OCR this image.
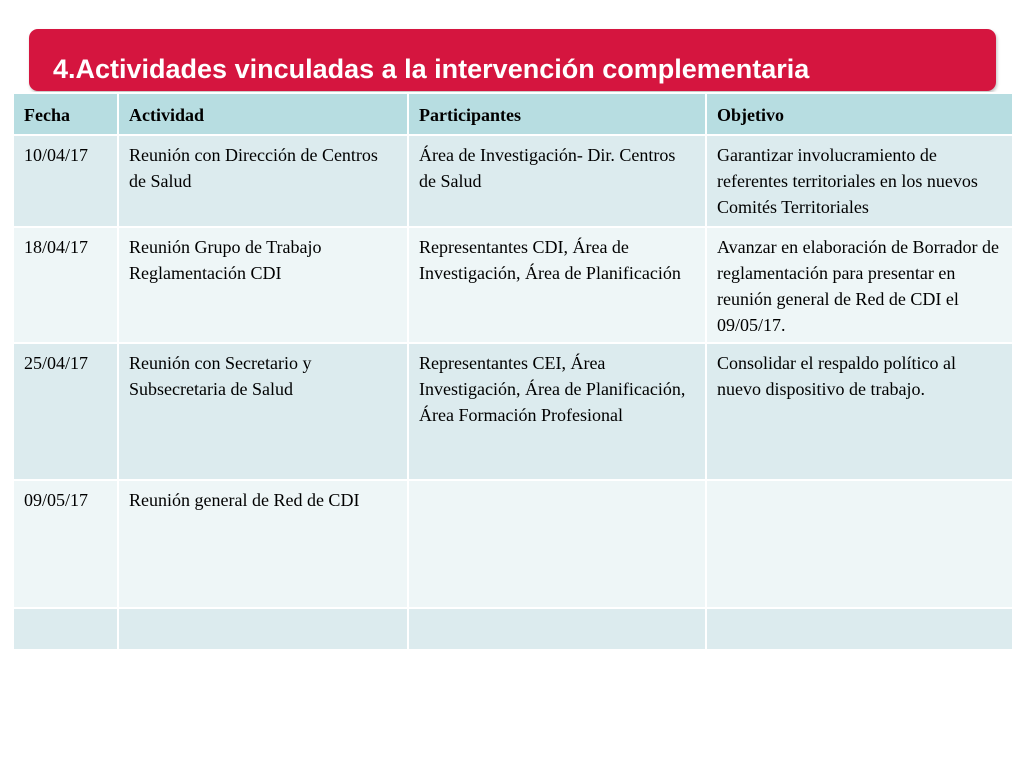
4.Actividades vinculadas a la intervención complementaria
Fecha	Actividad	Participantes	Objetivo
10/04/17	Reunión con Dirección de Centros de Salud	Área de Investigación- Dir. Centros de Salud	Garantizar involucramiento de referentes territoriales en los nuevos Comités Territoriales
18/04/17	Reunión Grupo de Trabajo Reglamentación CDI	Representantes CDI, Área de Investigación, Área de Planificación	Avanzar en elaboración de Borrador de reglamentación para presentar en reunión general de Red de CDI el 09/05/17.
25/04/17	Reunión con Secretario y Subsecretaria de Salud	Representantes CEI, Área Investigación, Área de Planificación, Área Formación Profesional	Consolidar el respaldo político al nuevo dispositivo de trabajo.
09/05/17	Reunión general de Red de CDI		
